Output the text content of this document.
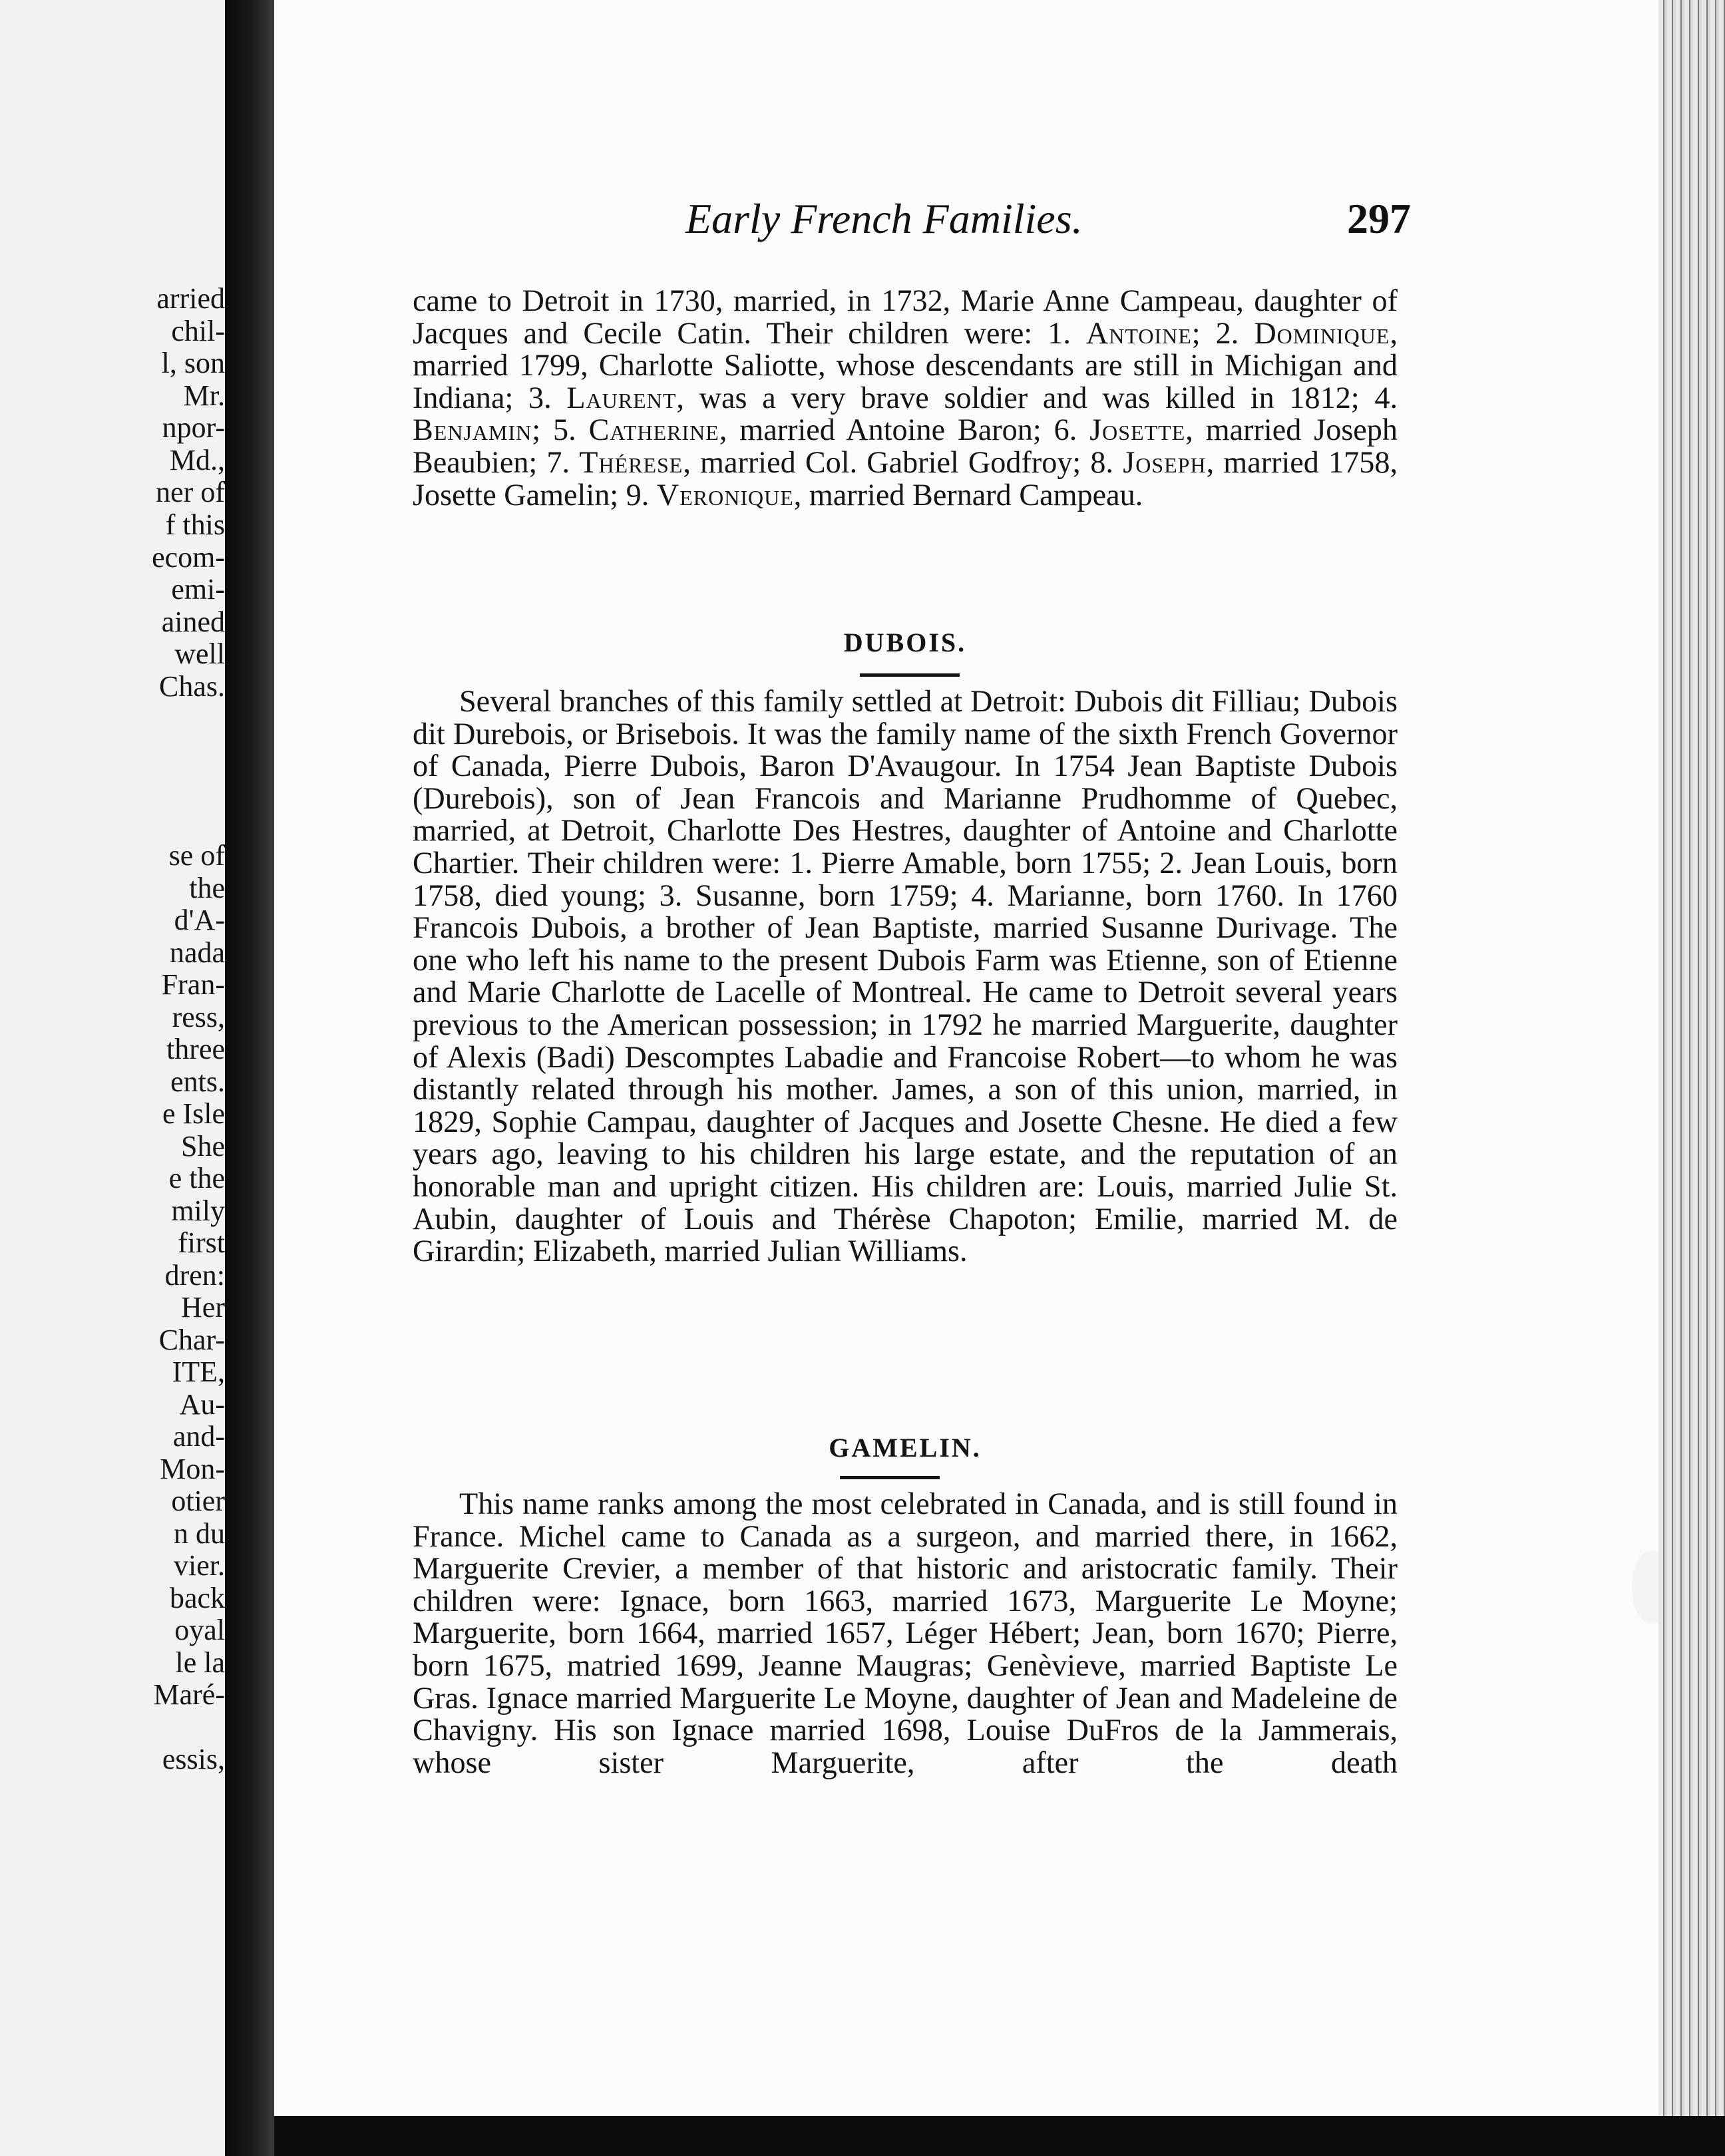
arried
chil-
l, son
Mr.
npor-
Md.,
ner of
f this
ecom-
emi-
ained
well
Chas.
se of
the
d'A-
nada
Fran-
ress,
three
ents.
e Isle
She
e the
mily
first
dren:
Her
Char-
ITE,
Au-
and-
Mon-
otier
n du
vier.
back
oyal
le la
Maré-
essis,
Early French Families.	297

came to Detroit in 1730, married, in 1732, Marie Anne Campeau, daughter of Jacques and Cecile Catin. Their children were: 1. Antoine; 2. Dominique, married 1799, Charlotte Saliotte, whose descendants are still in Michigan and Indiana; 3. Laurent, was a very brave soldier and was killed in 1812; 4. Benjamin; 5. Catherine, married Antoine Baron; 6. Josette, married Joseph Beaubien; 7. Thérese, married Col. Gabriel Godfroy; 8. Joseph, married 1758, Josette Gamelin; 9. Veronique, married Bernard Campeau.

DUBOIS.

Several branches of this family settled at Detroit: Dubois dit Filliau; Dubois dit Durebois, or Brisebois. It was the family name of the sixth French Governor of Canada, Pierre Dubois, Baron D'Avaugour. In 1754 Jean Baptiste Dubois (Durebois), son of Jean Francois and Marianne Prudhomme of Quebec, married, at Detroit, Charlotte Des Hestres, daughter of Antoine and Charlotte Chartier. Their children were: 1. Pierre Amable, born 1755; 2. Jean Louis, born 1758, died young; 3. Susanne, born 1759; 4. Marianne, born 1760. In 1760 Francois Dubois, a brother of Jean Baptiste, married Susanne Durivage. The one who left his name to the present Dubois Farm was Etienne, son of Etienne and Marie Charlotte de Lacelle of Montreal. He came to Detroit several years previous to the American possession; in 1792 he married Marguerite, daughter of Alexis (Badi) Descomptes Labadie and Francoise Robert—to whom he was distantly related through his mother. James, a son of this union, married, in 1829, Sophie Campau, daughter of Jacques and Josette Chesne. He died a few years ago, leaving to his children his large estate, and the reputation of an honorable man and upright citizen. His children are: Louis, married Julie St. Aubin, daughter of Louis and Thérèse Chapoton; Emilie, married M. de Girardin; Elizabeth, married Julian Williams.

GAMELIN.

This name ranks among the most celebrated in Canada, and is still found in France. Michel came to Canada as a surgeon, and married there, in 1662, Marguerite Crevier, a member of that historic and aristocratic family. Their children were: Ignace, born 1663, married 1673, Marguerite Le Moyne; Marguerite, born 1664, married 1657, Léger Hébert; Jean, born 1670; Pierre, born 1675, matried 1699, Jeanne Maugras; Genèvieve, married Baptiste Le Gras. Ignace married Marguerite Le Moyne, daughter of Jean and Madeleine de Chavigny. His son Ignace married 1698, Louise DuFros de la Jammerais, whose sister Marguerite, after the death
